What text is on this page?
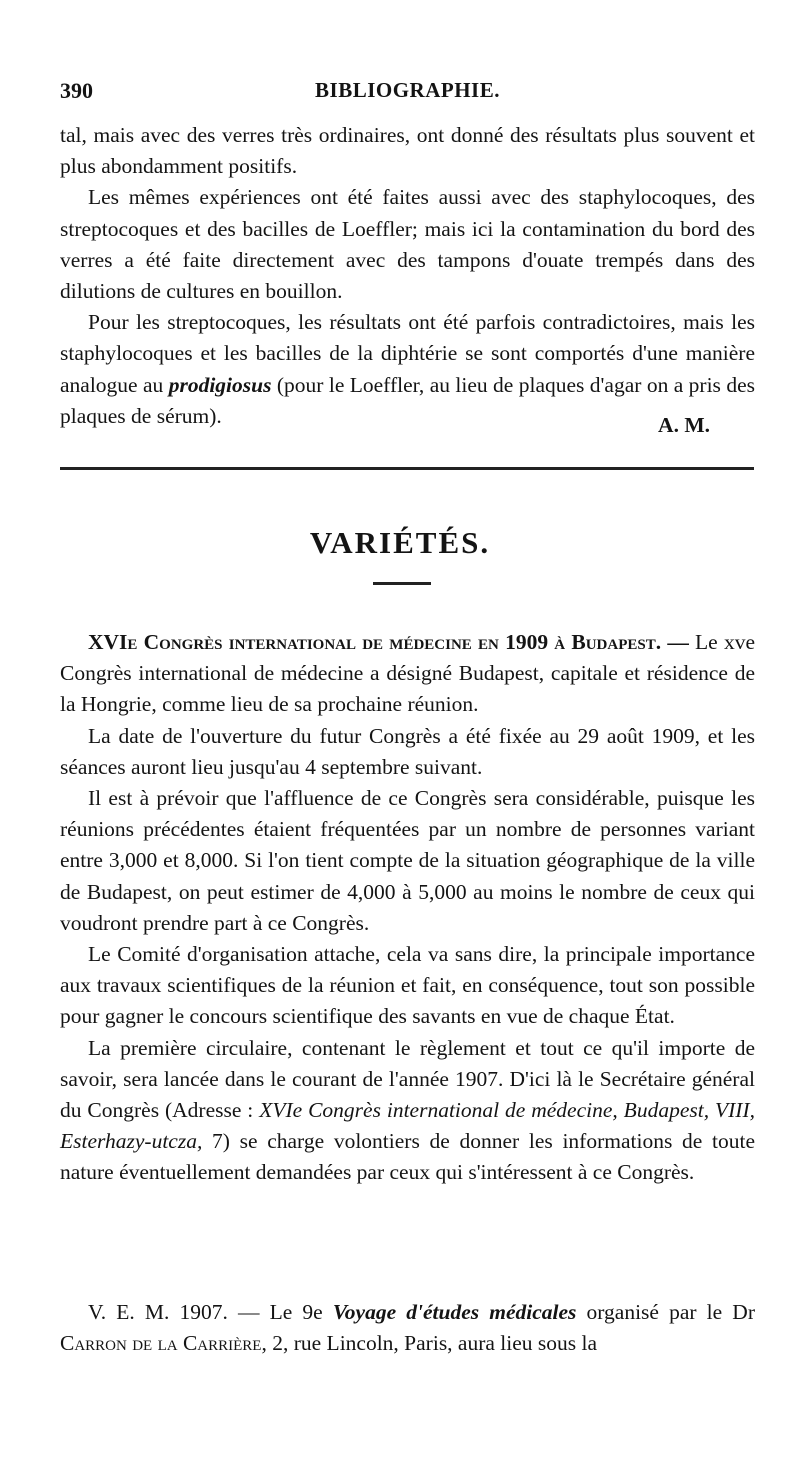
390	BIBLIOGRAPHIE.

tal, mais avec des verres très ordinaires, ont donné des résultats plus souvent et plus abondamment positifs.

Les mêmes expériences ont été faites aussi avec des staphylocoques, des streptocoques et des bacilles de Loeffler; mais ici la contamination du bord des verres a été faite directement avec des tampons d'ouate trempés dans des dilutions de cultures en bouillon.

Pour les streptocoques, les résultats ont été parfois contradictoires, mais les staphylocoques et les bacilles de la diphtérie se sont comportés d'une manière analogue au prodigiosus (pour le Loeffler, au lieu de plaques d'agar on a pris des plaques de sérum).	A. M.
VARIÉTÉS.

XVIe Congrès international de médecine en 1909 à Budapest. — Le xve Congrès international de médecine a désigné Budapest, capitale et résidence de la Hongrie, comme lieu de sa prochaine réunion.

La date de l'ouverture du futur Congrès a été fixée au 29 août 1909, et les séances auront lieu jusqu'au 4 septembre suivant.

Il est à prévoir que l'affluence de ce Congrès sera considérable, puisque les réunions précédentes étaient fréquentées par un nombre de personnes variant entre 3,000 et 8,000. Si l'on tient compte de la situation géographique de la ville de Budapest, on peut estimer de 4,000 à 5,000 au moins le nombre de ceux qui voudront prendre part à ce Congrès.

Le Comité d'organisation attache, cela va sans dire, la principale importance aux travaux scientifiques de la réunion et fait, en conséquence, tout son possible pour gagner le concours scientifique des savants en vue de chaque État.

La première circulaire, contenant le règlement et tout ce qu'il importe de savoir, sera lancée dans le courant de l'année 1907. D'ici là le Secrétaire général du Congrès (Adresse : XVIe Congrès international de médecine, Budapest, VIII, Esterhazy-utcza, 7) se charge volontiers de donner les informations de toute nature éventuellement demandées par ceux qui s'intéressent à ce Congrès.

V. E. M. 1907. — Le 9e Voyage d'études médicales organisé par le Dr Carron de la Carrière, 2, rue Lincoln, Paris, aura lieu sous la
